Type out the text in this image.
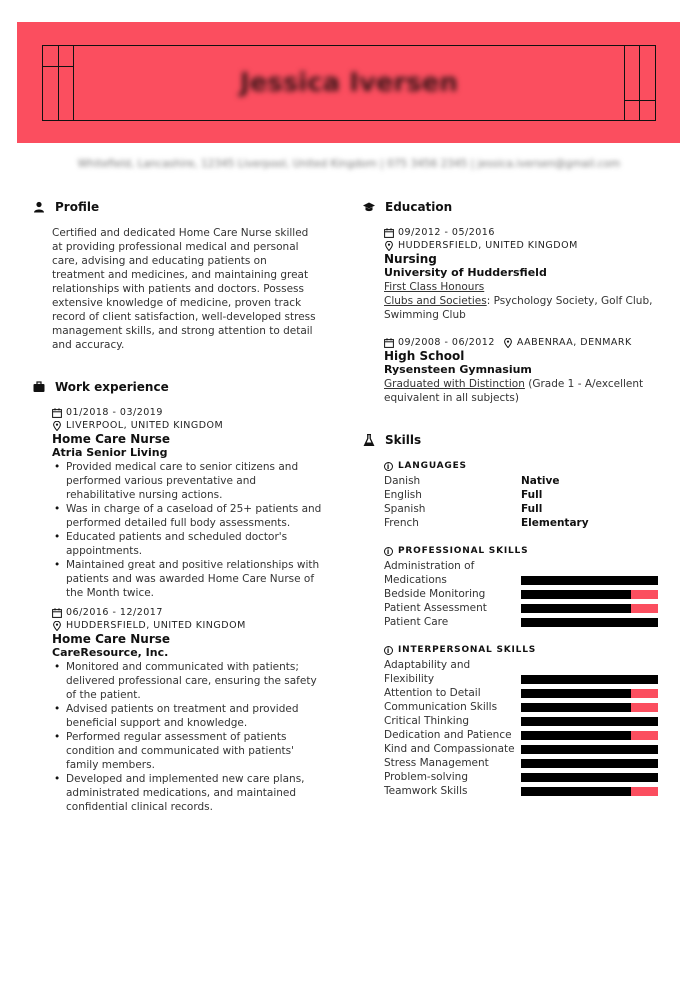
Jessica Iversen
Whitefield, Lancashire, 12345 Liverpool, United Kingdom | 075 3456 2345 | jessica.iversen@gmail.com
Profile
Certified and dedicated Home Care Nurse skilled at providing professional medical and personal care, advising and educating patients on treatment and medicines, and maintaining great relationships with patients and doctors. Possess extensive knowledge of medicine, proven track record of client satisfaction, well-developed stress management skills, and strong attention to detail and accuracy.
Work experience
01/2018 - 03/2019
LIVERPOOL, UNITED KINGDOM
Home Care Nurse
Atria Senior Living
• Provided medical care to senior citizens and performed various preventative and rehabilitative nursing actions.
• Was in charge of a caseload of 25+ patients and performed detailed full body assessments.
• Educated patients and scheduled doctor's appointments.
• Maintained great and positive relationships with patients and was awarded Home Care Nurse of the Month twice.
06/2016 - 12/2017
HUDDERSFIELD, UNITED KINGDOM
Home Care Nurse
CareResource, Inc.
• Monitored and communicated with patients; delivered professional care, ensuring the safety of the patient.
• Advised patients on treatment and provided beneficial support and knowledge.
• Performed regular assessment of patients condition and communicated with patients' family members.
• Developed and implemented new care plans, administrated medications, and maintained confidential clinical records.
Education
09/2012 - 05/2016
HUDDERSFIELD, UNITED KINGDOM
Nursing
University of Huddersfield
First Class Honours
Clubs and Societies: Psychology Society, Golf Club, Swimming Club
09/2008 - 06/2012 AABENRAA, DENMARK
High School
Rysensteen Gymnasium
Graduated with Distinction (Grade 1 - A/excellent equivalent in all subjects)
Skills
i LANGUAGES
Danish	Native
English	Full
Spanish	Full
French	Elementary
i PROFESSIONAL SKILLS
Administration of Medications
Bedside Monitoring
Patient Assessment
Patient Care
i INTERPERSONAL SKILLS
Adaptability and Flexibility
Attention to Detail
Communication Skills
Critical Thinking
Dedication and Patience
Kind and Compassionate
Stress Management
Problem-solving
Teamwork Skills
